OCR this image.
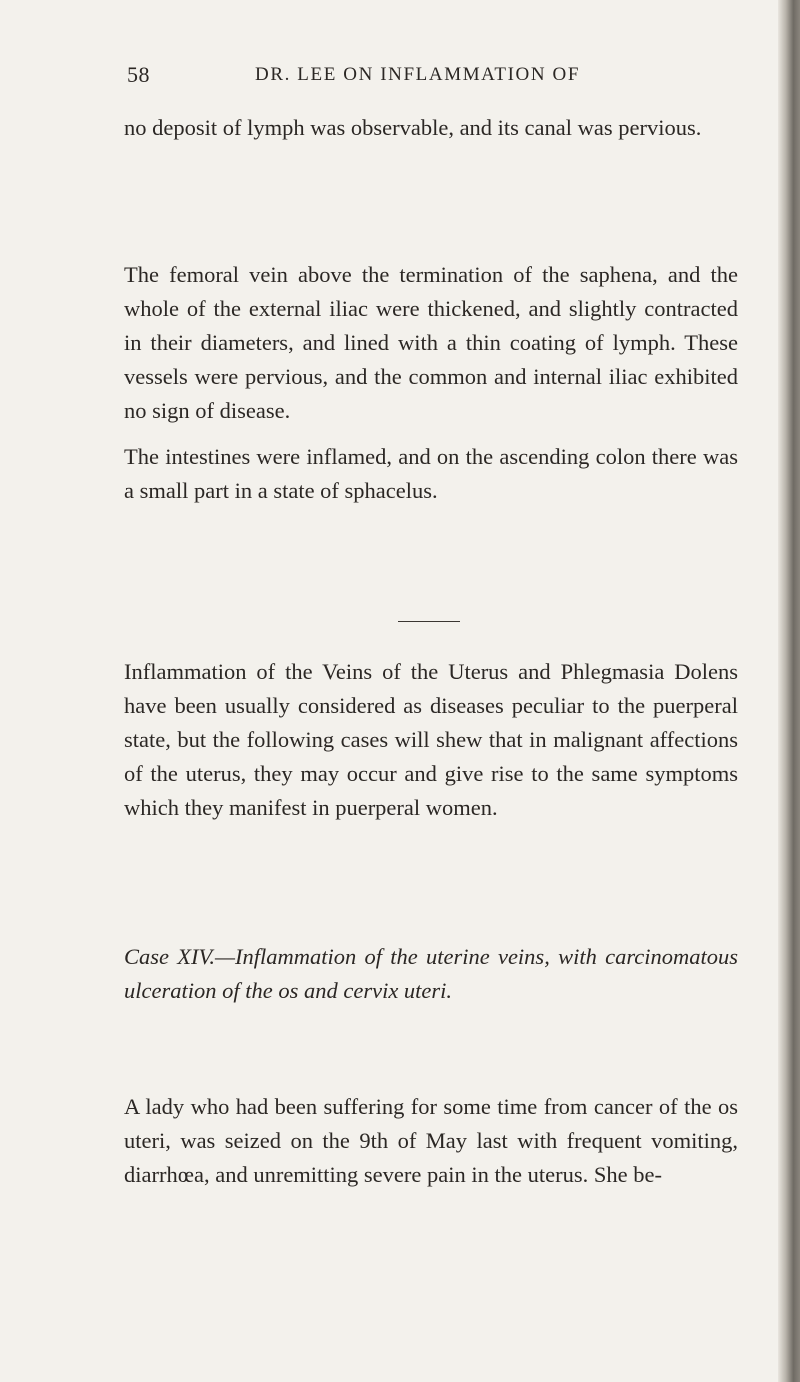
58	DR. LEE ON INFLAMMATION OF

no deposit of lymph was observable, and its canal was pervious.

The femoral vein above the termination of the saphena, and the whole of the external iliac were thickened, and slightly contracted in their diameters, and lined with a thin coating of lymph. These vessels were pervious, and the common and internal iliac exhibited no sign of disease.

The intestines were inflamed, and on the ascending colon there was a small part in a state of sphacelus.

Inflammation of the Veins of the Uterus and Phlegmasia Dolens have been usually considered as diseases peculiar to the puerperal state, but the following cases will shew that in malignant affections of the uterus, they may occur and give rise to the same symptoms which they manifest in puerperal women.

Case XIV.—Inflammation of the uterine veins, with carcinomatous ulceration of the os and cervix uteri.

A lady who had been suffering for some time from cancer of the os uteri, was seized on the 9th of May last with frequent vomiting, diarrhœa, and unremitting severe pain in the uterus. She be-
